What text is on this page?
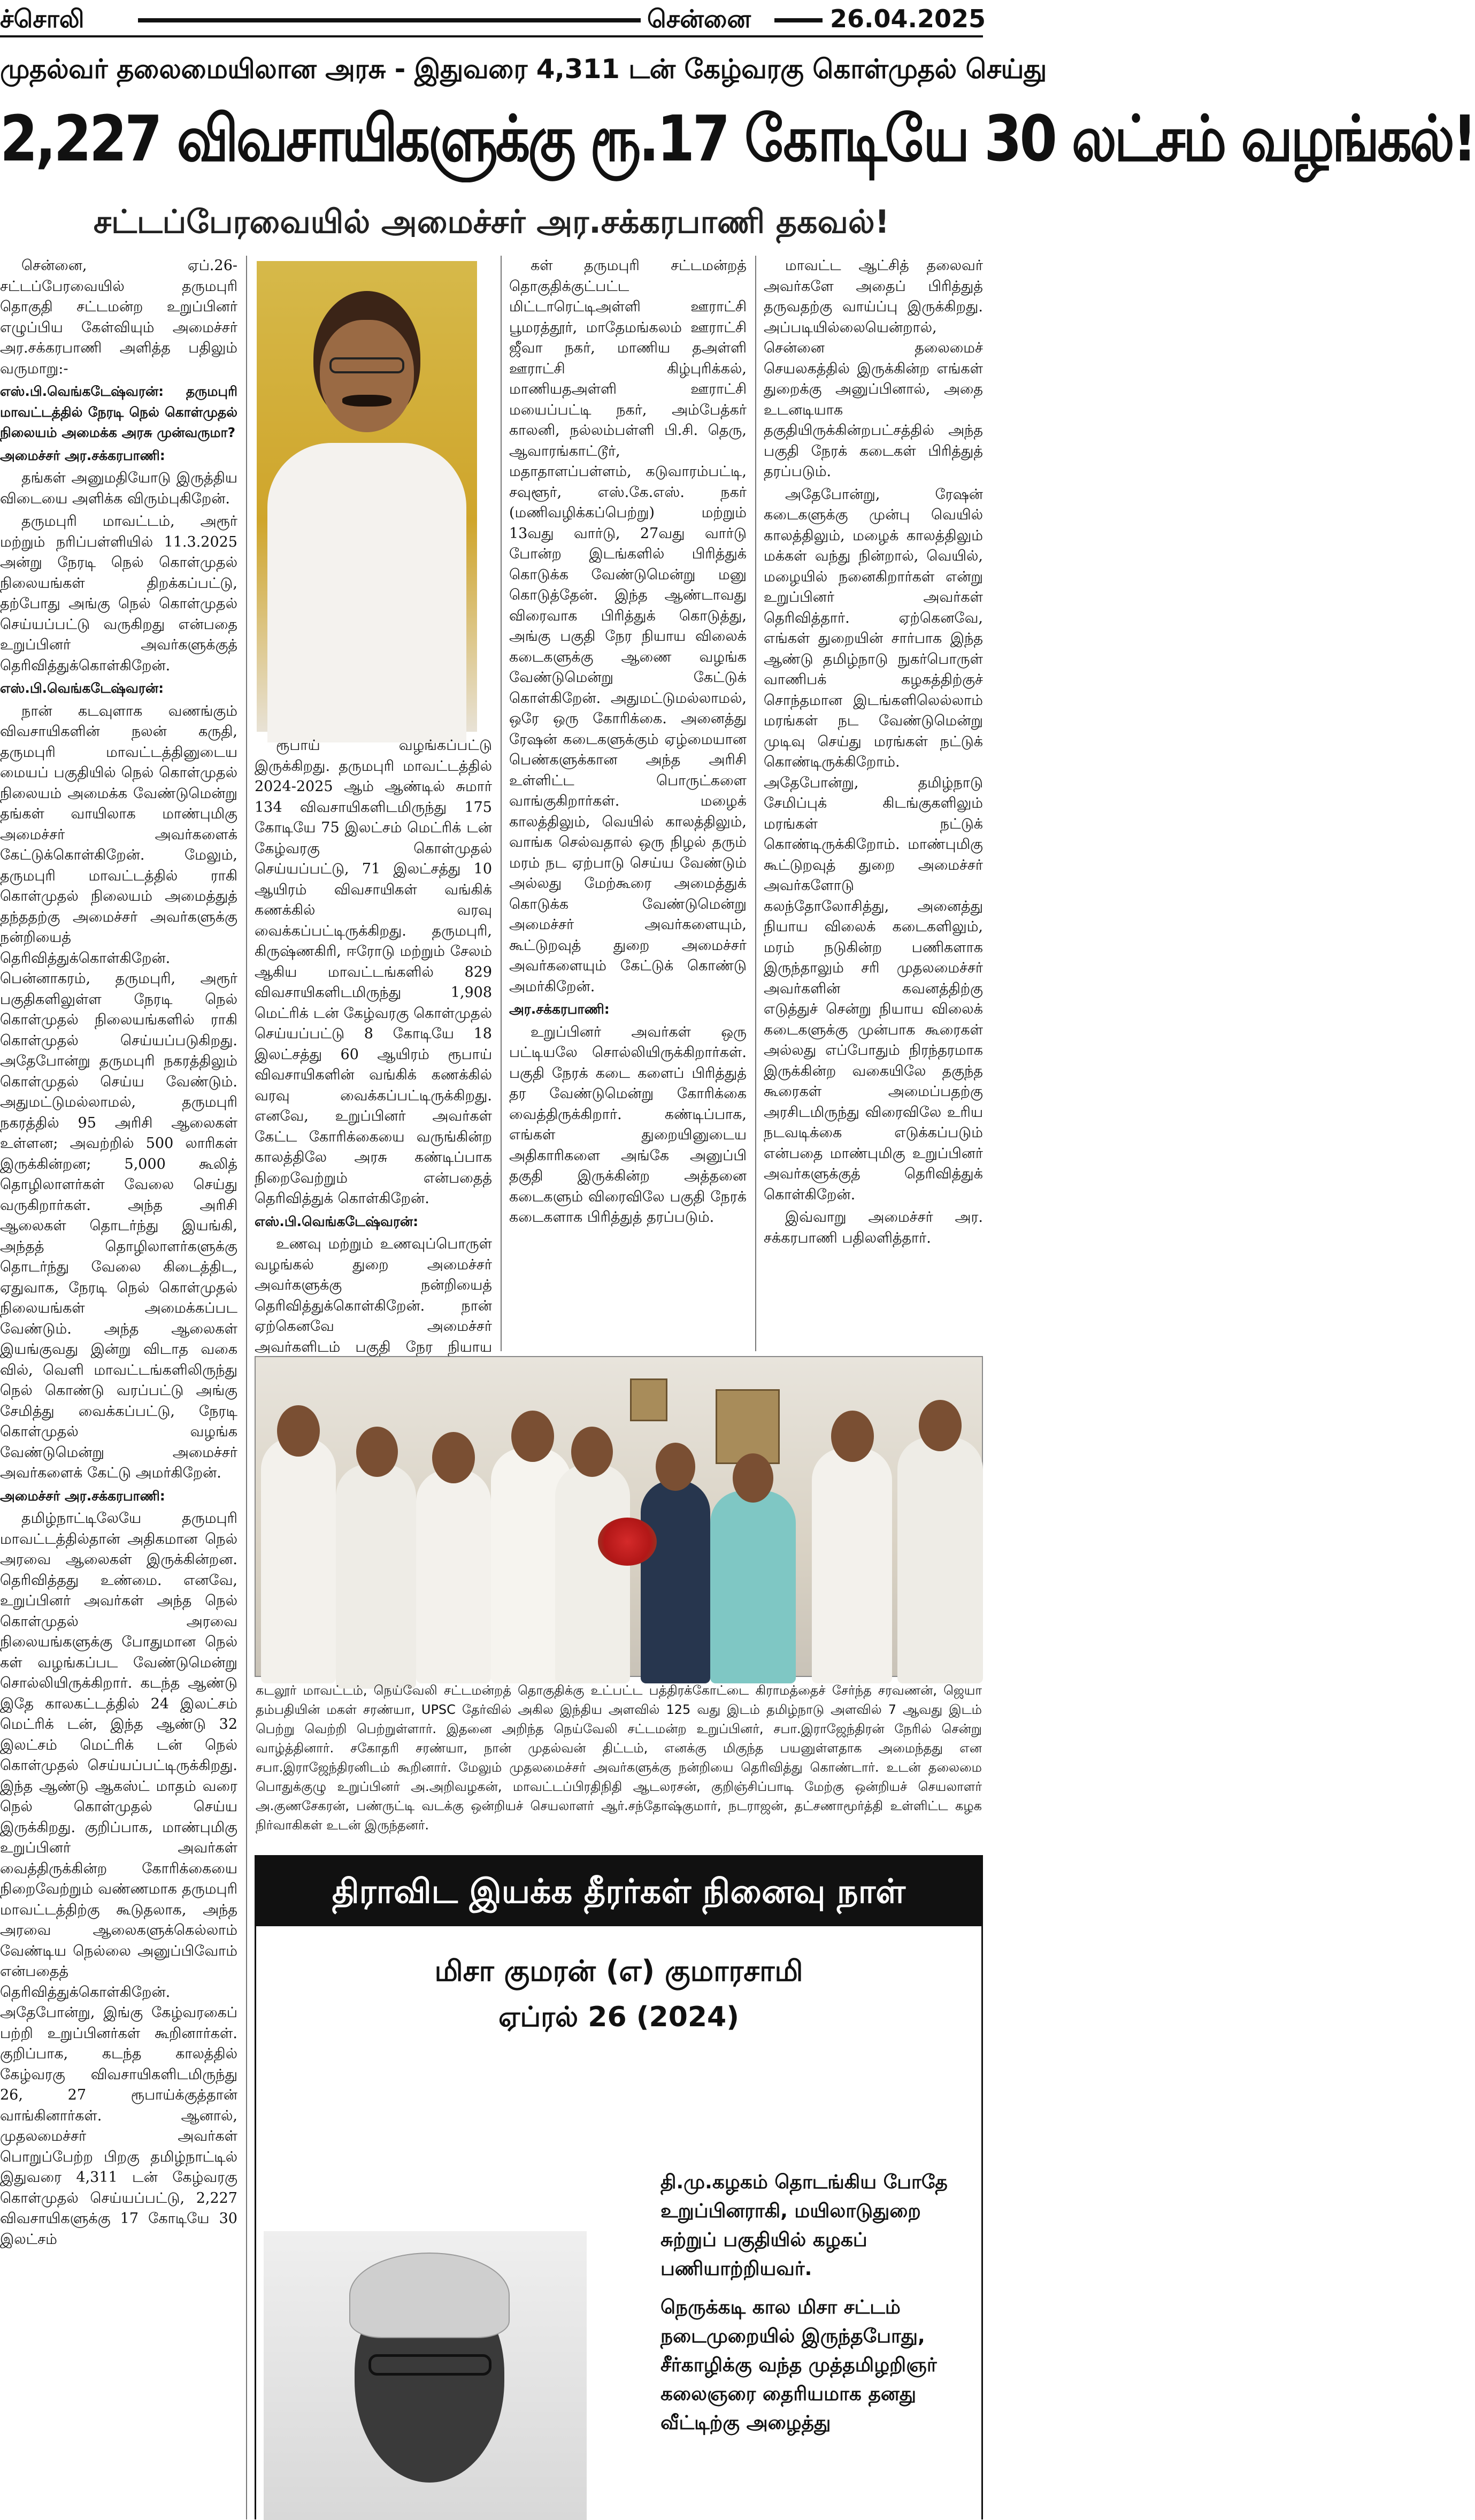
ச்சொலி	சென்னை	26.04.2025
முதல்வர் தலைமையிலான அரசு - இதுவரை 4,311 டன் கேழ்வரகு கொள்முதல் செய்து
2,227 விவசாயிகளுக்கு ரூ.17 கோடியே 30 லட்சம் வழங்கல்!
சட்டப்பேரவையில் அமைச்சர் அர.சக்கரபாணி தகவல்!

சென்னை, ஏப்.26- சட்டப்பேரவையில் தருமபுரி தொகுதி சட்டமன்ற உறுப்பினர் எழுப்பிய கேள்வியும் அமைச்சர் அர.சக்கரபாணி அளித்த பதிலும் வருமாறு:-

எஸ்.பி.வெங்கடேஷ்வரன்: தருமபுரி மாவட்டத்தில் நேரடி நெல் கொள்முதல் நிலையம் அமைக்க அரசு முன்வருமா?

அமைச்சர் அர.சக்கரபாணி:

தங்கள் அனுமதியோடு இருத்திய விடையை அளிக்க விரும்புகிறேன்.

தருமபுரி மாவட்டம், அரூர் மற்றும் நரிப்பள்ளியில் 11.3.2025 அன்று நேரடி நெல் கொள்முதல் நிலையங்கள் திறக்கப்பட்டு, தற்போது அங்கு நெல் கொள்முதல் செய்யப்பட்டு வருகிறது என்பதை உறுப்பினர் அவர்களுக்குத் தெரிவித்துக்கொள்கிறேன்.

எஸ்.பி.வெங்கடேஷ்வரன்:

நான் கடவுளாக வணங்கும் விவசாயிகளின் நலன் கருதி, தருமபுரி மாவட்டத்தினுடைய மையப் பகுதியில் நெல் கொள்முதல் நிலையம் அமைக்க வேண்டுமென்று தங்கள் வாயிலாக மாண்புமிகு அமைச்சர் அவர்களைக் கேட்டுக்கொள்கிறேன். மேலும், தருமபுரி மாவட்டத்தில் ராகி கொள்முதல் நிலையம் அமைத்துத் தந்ததற்கு அமைச்சர் அவர்களுக்கு நன்றியைத் தெரிவித்துக்கொள்கிறேன். பென்னாகரம், தருமபுரி, அரூர் பகுதிகளிலுள்ள நேரடி நெல் கொள்முதல் நிலையங்களில் ராகி கொள்முதல் செய்யப்படுகிறது. அதேபோன்று தருமபுரி நகரத்திலும் கொள்முதல் செய்ய வேண்டும். அதுமட்டுமல்லாமல், தருமபுரி நகரத்தில் 95 அரிசி ஆலைகள் உள்ளன; அவற்றில் 500 லாரிகள் இருக்கின்றன; 5,000 கூலித் தொழிலாளர்கள் வேலை செய்து வருகிறார்கள். அந்த அரிசி ஆலைகள் தொடர்ந்து இயங்கி, அந்தத் தொழிலாளர்களுக்கு தொடர்ந்து வேலை கிடைத்திட, ஏதுவாக, நேரடி நெல் கொள்முதல் நிலையங்கள் அமைக்கப்பட வேண்டும். அந்த ஆலைகள் இயங்குவது இன்று விடாத வகை வில், வெளி மாவட்டங்களிலிருந்து நெல் கொண்டு வரப்பட்டு அங்கு சேமித்து வைக்கப்பட்டு, நேரடி கொள்முதல் வழங்க வேண்டுமென்று அமைச்சர் அவர்களைக் கேட்டு அமர்கிறேன்.

அமைச்சர் அர.சக்கரபாணி:

தமிழ்நாட்டிலேயே தருமபுரி மாவட்டத்தில்தான் அதிகமான நெல் அரவை ஆலைகள் இருக்கின்றன. தெரிவித்தது உண்மை. எனவே, உறுப்பினர் அவர்கள் அந்த நெல் கொள்முதல் அரவை நிலையங்களுக்கு போதுமான நெல் கள் வழங்கப்பட வேண்டுமென்று சொல்லியிருக்கிறார். கடந்த ஆண்டு இதே காலகட்டத்தில் 24 இலட்சம் மெட்ரிக் டன், இந்த ஆண்டு 32 இலட்சம் மெட்ரிக் டன் நெல் கொள்முதல் செய்யப்பட்டிருக்கிறது. இந்த ஆண்டு ஆகஸ்ட் மாதம் வரை நெல் கொள்முதல் செய்ய இருக்கிறது. குறிப்பாக, மாண்புமிகு உறுப்பினர் அவர்கள் வைத்திருக்கின்ற கோரிக்கையை நிறைவேற்றும் வண்ணமாக தருமபுரி மாவட்டத்திற்கு கூடுதலாக, அந்த அரவை ஆலைகளுக்கெல்லாம் வேண்டிய நெல்லை அனுப்பிவோம் என்பதைத் தெரிவித்துக்கொள்கிறேன். அதேபோன்று, இங்கு கேழ்வரகைப் பற்றி உறுப்பினர்கள் கூறினார்கள். குறிப்பாக, கடந்த காலத்தில் கேழ்வரகு விவசாயிகளிடமிருந்து 26, 27 ரூபாய்க்குத்தான் வாங்கினார்கள். ஆனால், முதலமைச்சர் அவர்கள் பொறுப்பேற்ற பிறகு தமிழ்நாட்டில் இதுவரை 4,311 டன் கேழ்வரகு கொள்முதல் செய்யப்பட்டு, 2,227 விவசாயிகளுக்கு 17 கோடியே 30 இலட்சம்

ரூபாய் வழங்கப்பட்டு இருக்கிறது. தருமபுரி மாவட்டத்தில் 2024-2025 ஆம் ஆண்டில் சுமார் 134 விவசாயிகளிடமிருந்து 175 கோடியே 75 இலட்சம் மெட்ரிக் டன் கேழ்வரகு கொள்முதல் செய்யப்பட்டு, 71 இலட்சத்து 10 ஆயிரம் விவசாயிகள் வங்கிக் கணக்கில் வரவு வைக்கப்பட்டிருக்கிறது. தருமபுரி, கிருஷ்ணகிரி, ஈரோடு மற்றும் சேலம் ஆகிய மாவட்டங்களில் 829 விவசாயிகளிடமிருந்து 1,908 மெட்ரிக் டன் கேழ்வரகு கொள்முதல் செய்யப்பட்டு 8 கோடியே 18 இலட்சத்து 60 ஆயிரம் ரூபாய் விவசாயிகளின் வங்கிக் கணக்கில் வரவு வைக்கப்பட்டிருக்கிறது. எனவே, உறுப்பினர் அவர்கள் கேட்ட கோரிக்கையை வருங்கின்ற காலத்திலே அரசு கண்டிப்பாக நிறைவேற்றும் என்பதைத் தெரிவித்துக் கொள்கிறேன்.

எஸ்.பி.வெங்கடேஷ்வரன்:

உணவு மற்றும் உணவுப்பொருள் வழங்கல் துறை அமைச்சர் அவர்களுக்கு நன்றியைத் தெரிவித்துக்கொள்கிறேன். நான் ஏற்கெனவே அமைச்சர் அவர்களிடம் பகுதி நேர நியாய

கள் தருமபுரி சட்டமன்றத் தொகுதிக்குட்பட்ட மிட்டாரெட்டிஅள்ளி ஊராட்சி பூமரத்தூர், மாதேமங்கலம் ஊராட்சி ஜீவா நகர், மாணிய தஅள்ளி ஊராட்சி கிழ்புரிக்கல், மாணியதஅள்ளி ஊராட்சி மயைப்பட்டி நகர், அம்பேத்கர் காலனி, நல்லம்பள்ளி பி.சி. தெரு, ஆவாரங்காட்டூர், மதாதாளப்பள்ளம், கடுவாரம்பட்டி, சவுளூர், எஸ்.கே.எஸ். நகர் (மணிவழிக்கப்பெற்று) மற்றும் 13வது வார்டு, 27வது வார்டு போன்ற இடங்களில் பிரித்துக் கொடுக்க வேண்டுமென்று மனு கொடுத்தேன். இந்த ஆண்டாவது விரைவாக பிரித்துக் கொடுத்து, அங்கு பகுதி நேர நியாய விலைக் கடைகளுக்கு ஆணை வழங்க வேண்டுமென்று கேட்டுக் கொள்கிறேன். அதுமட்டுமல்லாமல், ஒரே ஒரு கோரிக்கை. அனைத்து ரேஷன் கடைகளுக்கும் ஏழ்மையான பெண்களுக்கான அந்த அரிசி உள்ளிட்ட பொருட்களை வாங்குகிறார்கள். மழைக் காலத்திலும், வெயில் காலத்திலும், வாங்க செல்வதால் ஒரு நிழல் தரும் மரம் நட ஏற்பாடு செய்ய வேண்டும் அல்லது மேற்கூரை அமைத்துக் கொடுக்க வேண்டுமென்று அமைச்சர் அவர்களையும், கூட்டுறவுத் துறை அமைச்சர் அவர்களையும் கேட்டுக் கொண்டு அமர்கிறேன்.

அர.சக்கரபாணி:

உறுப்பினர் அவர்கள் ஒரு பட்டியலே சொல்லியிருக்கிறார்கள். பகுதி நேரக் கடை களைப் பிரித்துத் தர வேண்டுமென்று கோரிக்கை வைத்திருக்கிறார். கண்டிப்பாக, எங்கள் துறையினுடைய அதிகாரிகளை அங்கே அனுப்பி தகுதி இருக்கின்ற அத்தனை கடைகளும் விரைவிலே பகுதி நேரக் கடைகளாக பிரித்துத் தரப்படும்.

மாவட்ட ஆட்சித் தலைவர் அவர்களே அதைப் பிரித்துத் தருவதற்கு வாய்ப்பு இருக்கிறது. அப்படியில்லையென்றால், சென்னை தலைமைச் செயலகத்தில் இருக்கின்ற எங்கள் துறைக்கு அனுப்பினால், அதை உடனடியாக தகுதியிருக்கின்றபட்சத்தில் அந்த பகுதி நேரக் கடைகள் பிரித்துத் தரப்படும்.

அதேபோன்று, ரேஷன் கடைகளுக்கு முன்பு வெயில் காலத்திலும், மழைக் காலத்திலும் மக்கள் வந்து நின்றால், வெயில், மழையில் நனைகிறார்கள் என்று உறுப்பினர் அவர்கள் தெரிவித்தார். ஏற்கெனவே, எங்கள் துறையின் சார்பாக இந்த ஆண்டு தமிழ்நாடு நுகர்பொருள் வாணிபக் கழகத்திற்குச் சொந்தமான இடங்களிலெல்லாம் மரங்கள் நட வேண்டுமென்று முடிவு செய்து மரங்கள் நட்டுக் கொண்டிருக்கிறோம். அதேபோன்று, தமிழ்நாடு சேமிப்புக் கிடங்குகளிலும் மரங்கள் நட்டுக் கொண்டிருக்கிறோம். மாண்புமிகு கூட்டுறவுத் துறை அமைச்சர் அவர்களோடு கலந்தோலோசித்து, அனைத்து நியாய விலைக் கடைகளிலும், மரம் நடுகின்ற பணிகளாக இருந்தாலும் சரி முதலமைச்சர் அவர்களின் கவனத்திற்கு எடுத்துச் சென்று நியாய விலைக் கடைகளுக்கு முன்பாக கூரைகள் அல்லது எப்போதும் நிரந்தரமாக இருக்கின்ற வகையிலே தகுந்த கூரைகள் அமைப்பதற்கு அரசிடமிருந்து விரைவிலே உரிய நடவடிக்கை எடுக்கப்படும் என்பதை மாண்புமிகு உறுப்பினர் அவர்களுக்குத் தெரிவித்துக் கொள்கிறேன்.

இவ்வாறு அமைச்சர் அர. சக்கரபாணி பதிலளித்தார்.

கடலூர் மாவட்டம், நெய்வேலி சட்டமன்றத் தொகுதிக்கு உட்பட்ட பத்திரக்கோட்டை கிராமத்தைச் சேர்ந்த சரவணன், ஜெயா தம்பதியின் மகள் சரண்யா, UPSC தேர்வில் அகில இந்திய அளவில் 125 வது இடம் தமிழ்நாடு அளவில் 7 ஆவது இடம் பெற்று வெற்றி பெற்றுள்ளார். இதனை அறிந்த நெய்வேலி சட்டமன்ற உறுப்பினர், சபா.இராஜேந்திரன் நேரில் சென்று வாழ்த்தினார். சகோதரி சரண்யா, நான் முதல்வன் திட்டம், எனக்கு மிகுந்த பயனுள்ளதாக அமைந்தது என சபா.இராஜேந்திரனிடம் கூறினார். மேலும் முதலமைச்சர் அவர்களுக்கு நன்றியை தெரிவித்து கொண்டார். உடன் தலைமை பொதுக்குழு உறுப்பினர் அ.அறிவழகன், மாவட்டப்பிரதிநிதி ஆடலரசன், குறிஞ்சிப்பாடி மேற்கு ஒன்றியச் செயலாளர் அ.குணசேகரன், பண்ருட்டி வடக்கு ஒன்றியச் செயலாளர் ஆர்.சந்தோஷ்குமார், நடராஜன், தட்சணாமூர்த்தி உள்ளிட்ட கழக நிர்வாகிகள் உடன் இருந்தனர்.
திராவிட இயக்க தீரர்கள் நினைவு நாள்
மிசா குமரன் (எ) குமாரசாமி
ஏப்ரல் 26 (2024)

தி.மு.கழகம் தொடங்கிய போதே உறுப்பினராகி, மயிலாடுதுறை சுற்றுப் பகுதியில் கழகப் பணியாற்றியவர்.

நெருக்கடி கால மிசா சட்டம் நடைமுறையில் இருந்தபோது, சீர்காழிக்கு வந்த முத்தமிழறிஞர் கலைஞரை தைரியமாக தனது வீட்டிற்கு அழைத்து
